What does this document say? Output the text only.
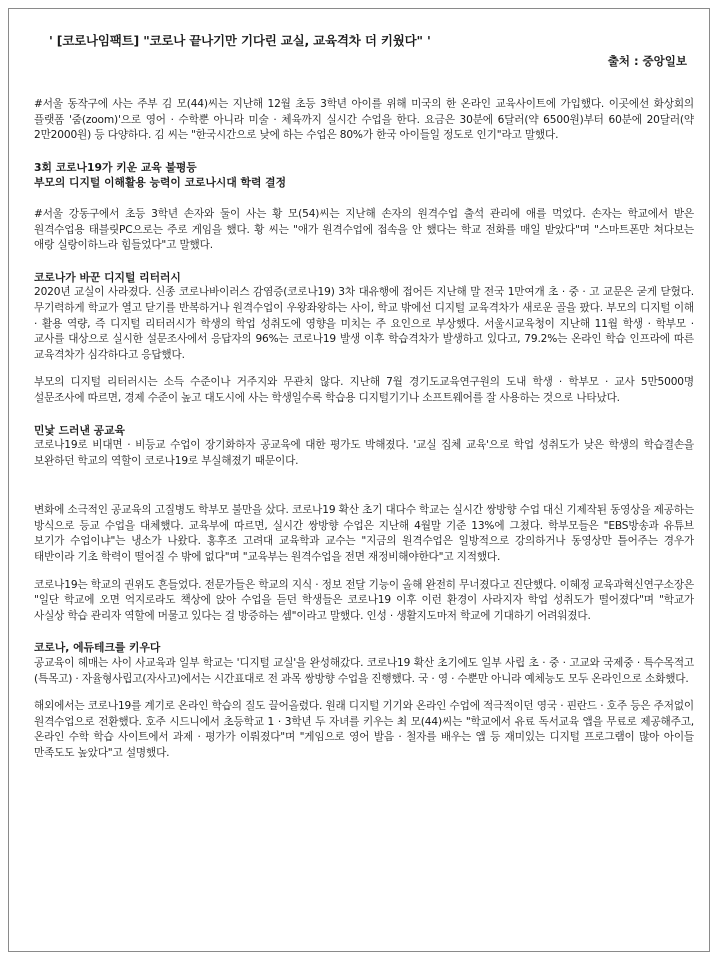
' [코로나임팩트] "코로나 끝나기만 기다린 교실, 교육격차 더 키웠다" '
출처 : 중앙일보

#서울 동작구에 사는 주부 김 모(44)씨는 지난해 12월 초등 3학년 아이를 위해 미국의 한 온라인 교육사이트에 가입했다. 이곳에선 화상회의 플랫폼 '줌(zoom)'으로 영어 · 수학뿐 아니라 미술 · 체육까지 실시간 수업을 한다. 요금은 30분에 6달러(약 6500원)부터 60분에 20달러(약 2만2000원) 등 다양하다. 김 씨는 "한국시간으로 낮에 하는 수업은 80%가 한국 아이들일 정도로 인기"라고 말했다.

3회 코로나19가 키운 교육 불평등

부모의 디지털 이해활용 능력이 코로나시대 학력 결정

#서울 강동구에서 초등 3학년 손자와 둘이 사는 황 모(54)씨는 지난해 손자의 원격수업 출석 관리에 애를 먹었다. 손자는 학교에서 받은 원격수업용 태블릿PC으로는 주로 게임을 했다. 황 씨는 "애가 원격수업에 접속을 안 했다는 학교 전화를 매일 받았다"며 "스마트폰만 쳐다보는 애랑 실랑이하느라 힘들었다"고 말했다.

코로나가 바꾼 디지털 리터러시

2020년 교실이 사라졌다. 신종 코로나바이러스 감염증(코로나19) 3차 대유행에 접어든 지난해 말 전국 1만여개 초 · 중 · 고 교문은 굳게 닫혔다. 무기력하게 학교가 열고 닫기를 반복하거나 원격수업이 우왕좌왕하는 사이, 학교 밖에선 디지털 교육격차가 새로운 골을 팠다. 부모의 디지털 이해 · 활용 역량, 즉 디지털 리터러시가 학생의 학업 성취도에 영향을 미치는 주 요인으로 부상했다. 서울시교육청이 지난해 11월 학생 · 학부모 · 교사를 대상으로 실시한 설문조사에서 응답자의 96%는 코로나19 발생 이후 학습격차가 발생하고 있다고, 79.2%는 온라인 학습 인프라에 따른 교육격차가 심각하다고 응답했다.

부모의 디지털 리터러시는 소득 수준이나 거주지와 무관치 않다. 지난해 7월 경기도교육연구원의 도내 학생 · 학부모 · 교사 5만5000명 설문조사에 따르면, 경제 수준이 높고 대도시에 사는 학생일수록 학습용 디지털기기나 소프트웨어를 잘 사용하는 것으로 나타났다.

민낯 드러낸 공교육

코로나19로 비대면 · 비등교 수업이 장기화하자 공교육에 대한 평가도 박해졌다. '교실 집체 교육'으로 학업 성취도가 낮은 학생의 학습결손을 보완하던 학교의 역할이 코로나19로 부실해졌기 때문이다.

변화에 소극적인 공교육의 고질병도 학부모 불만을 샀다. 코로나19 확산 초기 대다수 학교는 실시간 쌍방향 수업 대신 기제작된 동영상을 제공하는 방식으로 등교 수업을 대체했다. 교육부에 따르면, 실시간 쌍방향 수업은 지난해 4월말 기준 13%에 그쳤다. 학부모들은 "EBS방송과 유튜브 보기가 수업이냐"는 냉소가 나왔다. 홍후조 고려대 교육학과 교수는 "지금의 원격수업은 일방적으로 강의하거나 동영상만 틀어주는 경우가 태반이라 기초 학력이 떨어질 수 밖에 없다"며 "교육부는 원격수업을 전면 재정비해야한다"고 지적했다.

코로나19는 학교의 권위도 흔들었다. 전문가들은 학교의 지식 · 정보 전달 기능이 올해 완전히 무너졌다고 진단했다. 이혜정 교육과혁신연구소장은 "일단 학교에 오면 억지로라도 책상에 앉아 수업을 듣던 학생들은 코로나19 이후 이런 환경이 사라지자 학업 성취도가 떨어졌다"며 "학교가 사실상 학습 관리자 역할에 머물고 있다는 걸 방증하는 셈"이라고 말했다. 인성 · 생활지도마저 학교에 기대하기 어려워졌다.

코로나, 에듀테크를 키우다

공교육이 헤매는 사이 사교육과 일부 학교는 '디지털 교실'을 완성해갔다. 코로나19 확산 초기에도 일부 사립 초 · 중 · 고교와 국제중 · 특수목적고(특목고) · 자율형사립고(자사고)에서는 시간표대로 전 과목 쌍방향 수업을 진행했다. 국 · 영 · 수뿐만 아니라 예체능도 모두 온라인으로 소화했다.

해외에서는 코로나19를 계기로 온라인 학습의 질도 끌어올렸다. 원래 디지털 기기와 온라인 수업에 적극적이던 영국 · 핀란드 · 호주 등은 주저없이 원격수업으로 전환했다. 호주 시드니에서 초등학교 1 · 3학년 두 자녀를 키우는 최 모(44)씨는 "학교에서 유료 독서교육 앱을 무료로 제공해주고, 온라인 수학 학습 사이트에서 과제 · 평가가 이뤄졌다"며 "게임으로 영어 발음 · 철자를 배우는 앱 등 재미있는 디지털 프로그램이 많아 아이들 만족도도 높았다"고 설명했다.
